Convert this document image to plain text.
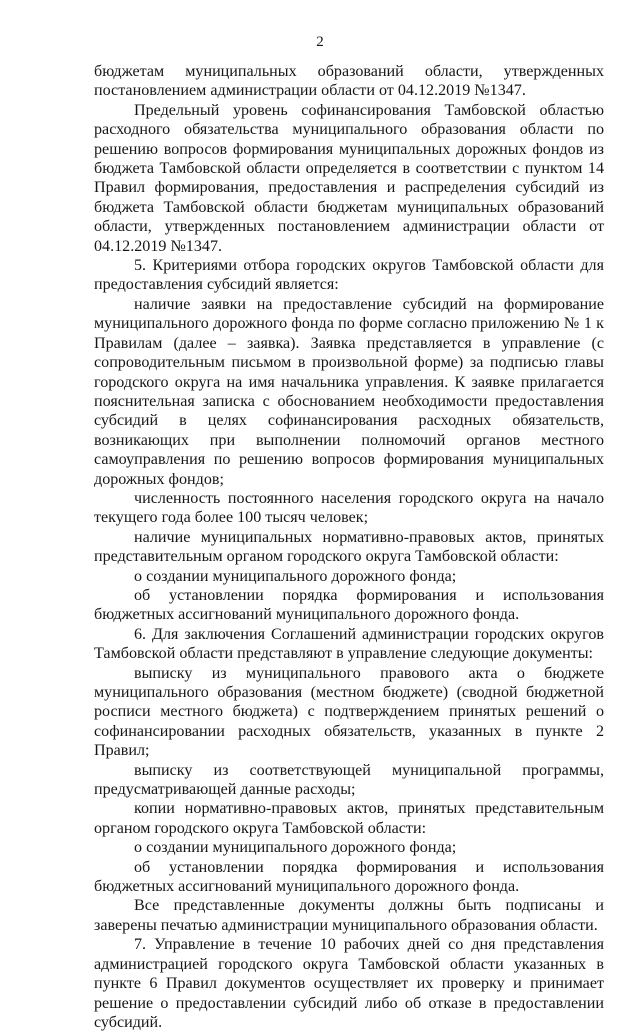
2

бюджетам муниципальных образований области, утвержденных постановлением администрации области от 04.12.2019 №1347.

Предельный уровень софинансирования Тамбовской областью расходного обязательства муниципального образования области по решению вопросов формирования муниципальных дорожных фондов из бюджета Тамбовской области определяется в соответствии с пунктом 14 Правил формирования, предоставления и распределения субсидий из бюджета Тамбовской области бюджетам муниципальных образований области, утвержденных постановлением администрации области от 04.12.2019 №1347.

5. Критериями отбора городских округов Тамбовской области для предоставления субсидий является:

наличие заявки на предоставление субсидий на формирование муниципального дорожного фонда по форме согласно приложению № 1 к Правилам (далее – заявка). Заявка представляется в управление (с сопроводительным письмом в произвольной форме) за подписью главы городского округа на имя начальника управления. К заявке прилагается пояснительная записка с обоснованием необходимости предоставления субсидий в целях софинансирования расходных обязательств, возникающих при выполнении полномочий органов местного самоуправления по решению вопросов формирования муниципальных дорожных фондов;

численность постоянного населения городского округа на начало текущего года более 100 тысяч человек;

наличие муниципальных нормативно-правовых актов, принятых представительным органом городского округа Тамбовской области:

о создании муниципального дорожного фонда;

об установлении порядка формирования и использования бюджетных ассигнований муниципального дорожного фонда.

6. Для заключения Соглашений администрации городских округов Тамбовской области представляют в управление следующие документы:

выписку из муниципального правового акта о бюджете муниципального образования (местном бюджете) (сводной бюджетной росписи местного бюджета) с подтверждением принятых решений о софинансировании расходных обязательств, указанных в пункте 2 Правил;

выписку из соответствующей муниципальной программы, предусматривающей данные расходы;

копии нормативно-правовых актов, принятых представительным органом городского округа Тамбовской области:

о создании муниципального дорожного фонда;

об установлении порядка формирования и использования бюджетных ассигнований муниципального дорожного фонда.

Все представленные документы должны быть подписаны и заверены печатью администрации муниципального образования области.

7. Управление в течение 10 рабочих дней со дня представления администрацией городского округа Тамбовской области указанных в пункте 6 Правил документов осуществляет их проверку и принимает решение о предоставлении субсидий либо об отказе в предоставлении субсидий.
